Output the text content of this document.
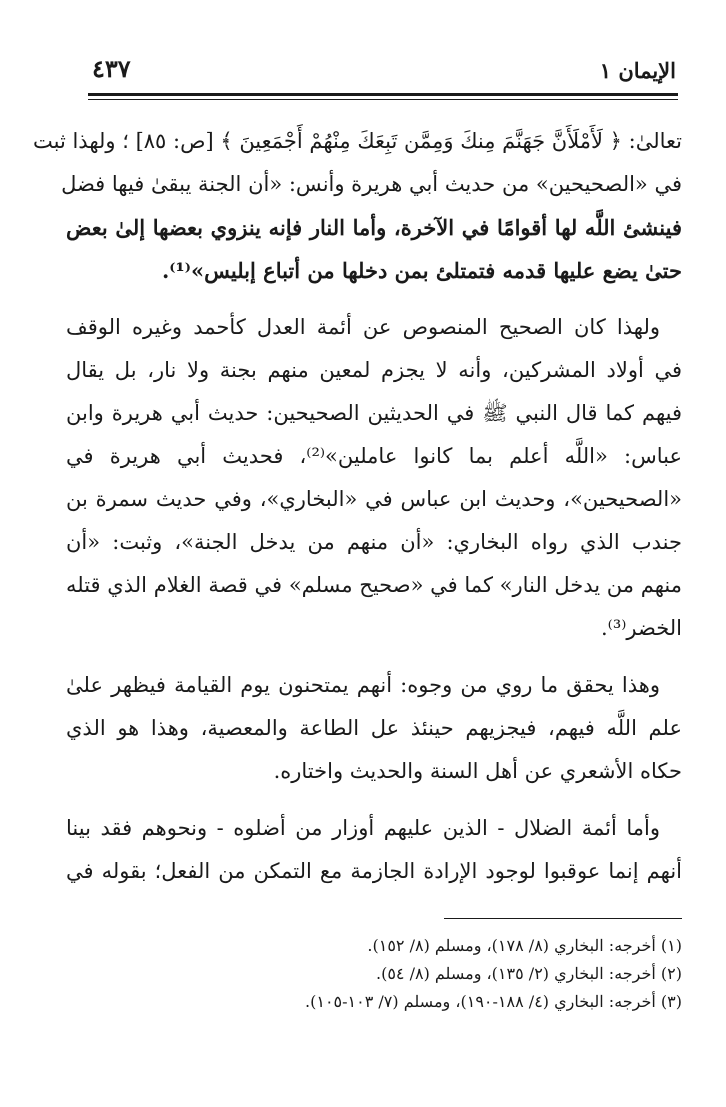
الإيمان ١
٤٣٧
تعالىٰ: ﴿ لَأَمْلَأَنَّ جَهَنَّمَ مِنكَ وَمِمَّن تَبِعَكَ مِنْهُمْ أَجْمَعِينَ ﴾ [ص: ٨٥] ؛ ولهذا ثبت
في «الصحيحين» من حديث أبي هريرة وأنس: «أن الجنة يبقىٰ فيها فضل
فينشئ اللَّه لها أقوامًا في الآخرة، وأما النار فإنه ينزوي بعضها إلىٰ بعض
حتىٰ يضع عليها قدمه فتمتلئ بمن دخلها من أتباع إبليس»⁽¹⁾.
ولهذا كان الصحيح المنصوص عن أئمة العدل كأحمد وغيره الوقف
في أولاد المشركين، وأنه لا يجزم لمعين منهم بجنة ولا نار، بل يقال
فيهم كما قال النبي ﷺ في الحديثين الصحيحين: حديث أبي هريرة وابن
عباس: «اللَّه أعلم بما كانوا عاملين»⁽²⁾، فحديث أبي هريرة في
«الصحيحين»، وحديث ابن عباس في «البخاري»، وفي حديث سمرة بن
جندب الذي رواه البخاري: «أن منهم من يدخل الجنة»، وثبت: «أن
منهم من يدخل النار» كما في «صحيح مسلم» في قصة الغلام الذي قتله
الخضر⁽³⁾.
وهذا يحقق ما روي من وجوه: أنهم يمتحنون يوم القيامة فيظهر علىٰ
علم اللَّه فيهم، فيجزيهم حينئذ عل الطاعة والمعصية، وهذا هو الذي
حكاه الأشعري عن أهل السنة والحديث واختاره.
وأما أئمة الضلال - الذين عليهم أوزار من أضلوه - ونحوهم فقد بينا
أنهم إنما عوقبوا لوجود الإرادة الجازمة مع التمكن من الفعل؛ بقوله في
(١) أخرجه: البخاري (٨/ ١٧٨)، ومسلم (٨/ ١٥٢).
(٢) أخرجه: البخاري (٢/ ١٣٥)، ومسلم (٨/ ٥٤).
(٣) أخرجه: البخاري (٤/ ١٨٨-١٩٠)، ومسلم (٧/ ١٠٣-١٠٥).
